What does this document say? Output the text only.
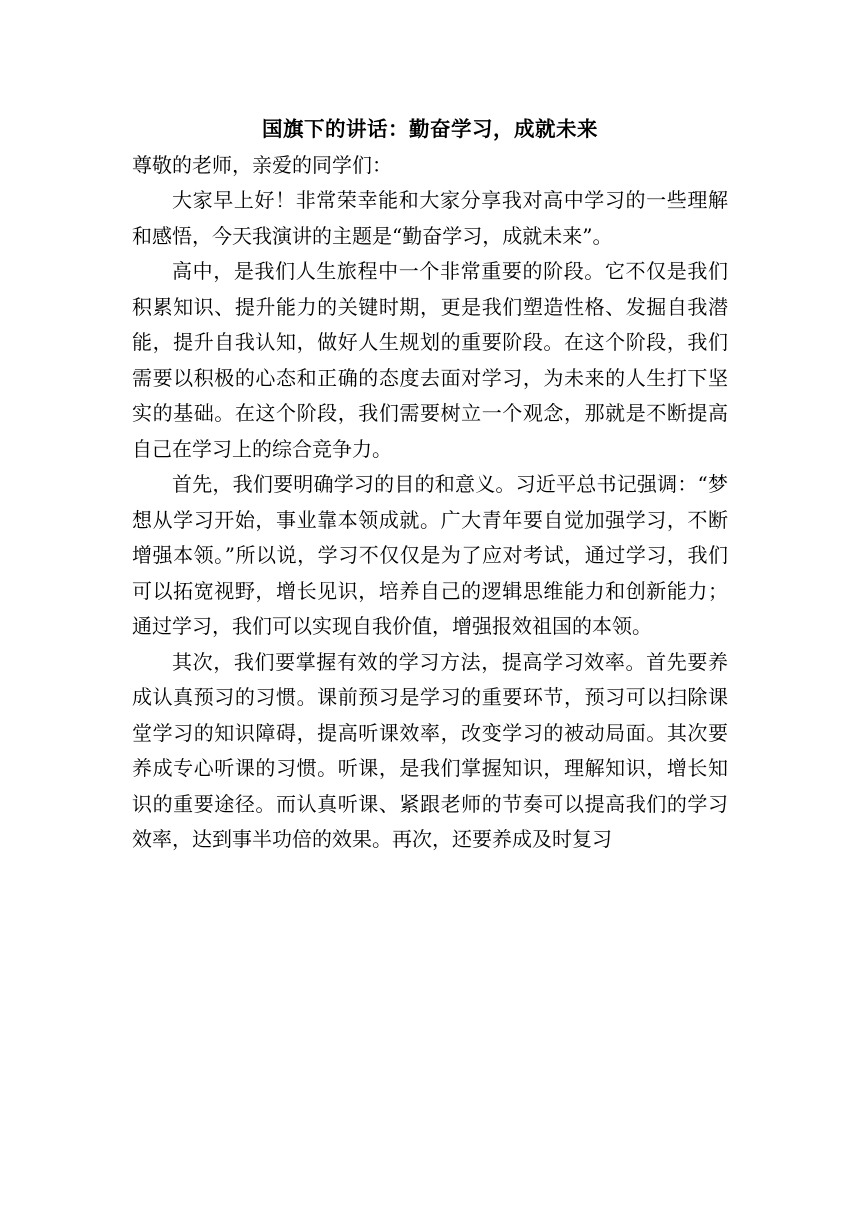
国旗下的讲话：勤奋学习，成就未来

尊敬的老师，亲爱的同学们：

大家早上好！非常荣幸能和大家分享我对高中学习的一些理解和感悟，今天我演讲的主题是“勤奋学习，成就未来”。

高中，是我们人生旅程中一个非常重要的阶段。它不仅是我们积累知识、提升能力的关键时期，更是我们塑造性格、发掘自我潜能，提升自我认知，做好人生规划的重要阶段。在这个阶段，我们需要以积极的心态和正确的态度去面对学习，为未来的人生打下坚实的基础。在这个阶段，我们需要树立一个观念，那就是不断提高自己在学习上的综合竞争力。

首先，我们要明确学习的目的和意义。习近平总书记强调：“梦想从学习开始，事业靠本领成就。广大青年要自觉加强学习，不断增强本领。”所以说，学习不仅仅是为了应对考试，通过学习，我们可以拓宽视野，增长见识，培养自己的逻辑思维能力和创新能力；通过学习，我们可以实现自我价值，增强报效祖国的本领。

其次，我们要掌握有效的学习方法，提高学习效率。首先要养成认真预习的习惯。课前预习是学习的重要环节，预习可以扫除课堂学习的知识障碍，提高听课效率，改变学习的被动局面。其次要养成专心听课的习惯。听课，是我们掌握知识，理解知识，增长知识的重要途径。而认真听课、紧跟老师的节奏可以提高我们的学习效率，达到事半功倍的效果。再次，还要养成及时复习
